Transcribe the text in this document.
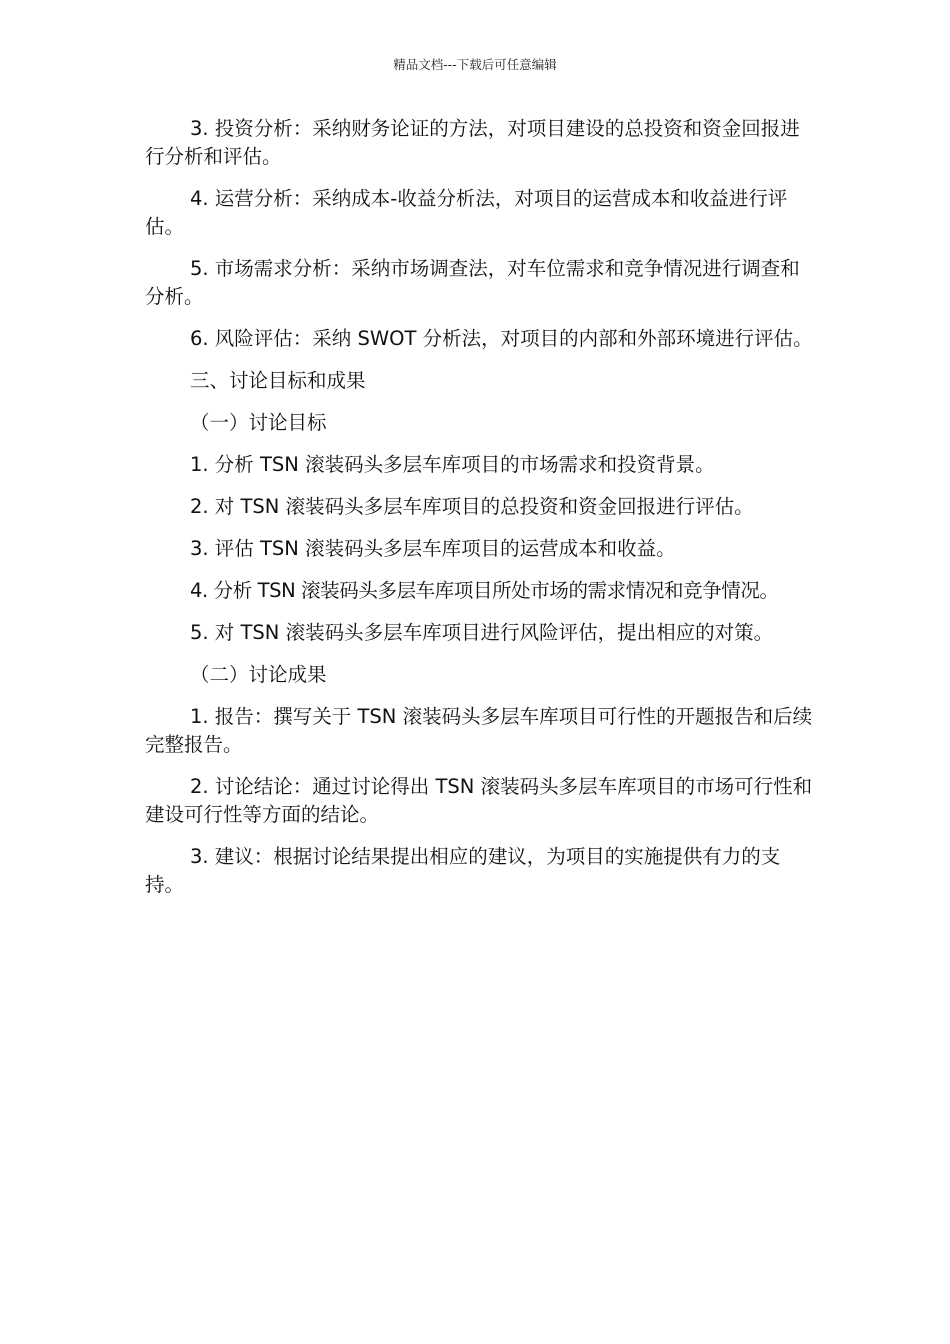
精品文档---下载后可任意编辑

3. 投资分析：采纳财务论证的方法，对项目建设的总投资和资金回报进行分析和评估。

4. 运营分析：采纳成本-收益分析法，对项目的运营成本和收益进行评估。

5. 市场需求分析：采纳市场调查法，对车位需求和竞争情况进行调查和分析。

6. 风险评估：采纳 SWOT 分析法，对项目的内部和外部环境进行评估。

三、讨论目标和成果

（一）讨论目标

1. 分析 TSN 滚装码头多层车库项目的市场需求和投资背景。

2. 对 TSN 滚装码头多层车库项目的总投资和资金回报进行评估。

3. 评估 TSN 滚装码头多层车库项目的运营成本和收益。

4. 分析 TSN 滚装码头多层车库项目所处市场的需求情况和竞争情况。

5. 对 TSN 滚装码头多层车库项目进行风险评估，提出相应的对策。

（二）讨论成果

1. 报告：撰写关于 TSN 滚装码头多层车库项目可行性的开题报告和后续完整报告。

2. 讨论结论：通过讨论得出 TSN 滚装码头多层车库项目的市场可行性和建设可行性等方面的结论。

3. 建议：根据讨论结果提出相应的建议，为项目的实施提供有力的支持。
